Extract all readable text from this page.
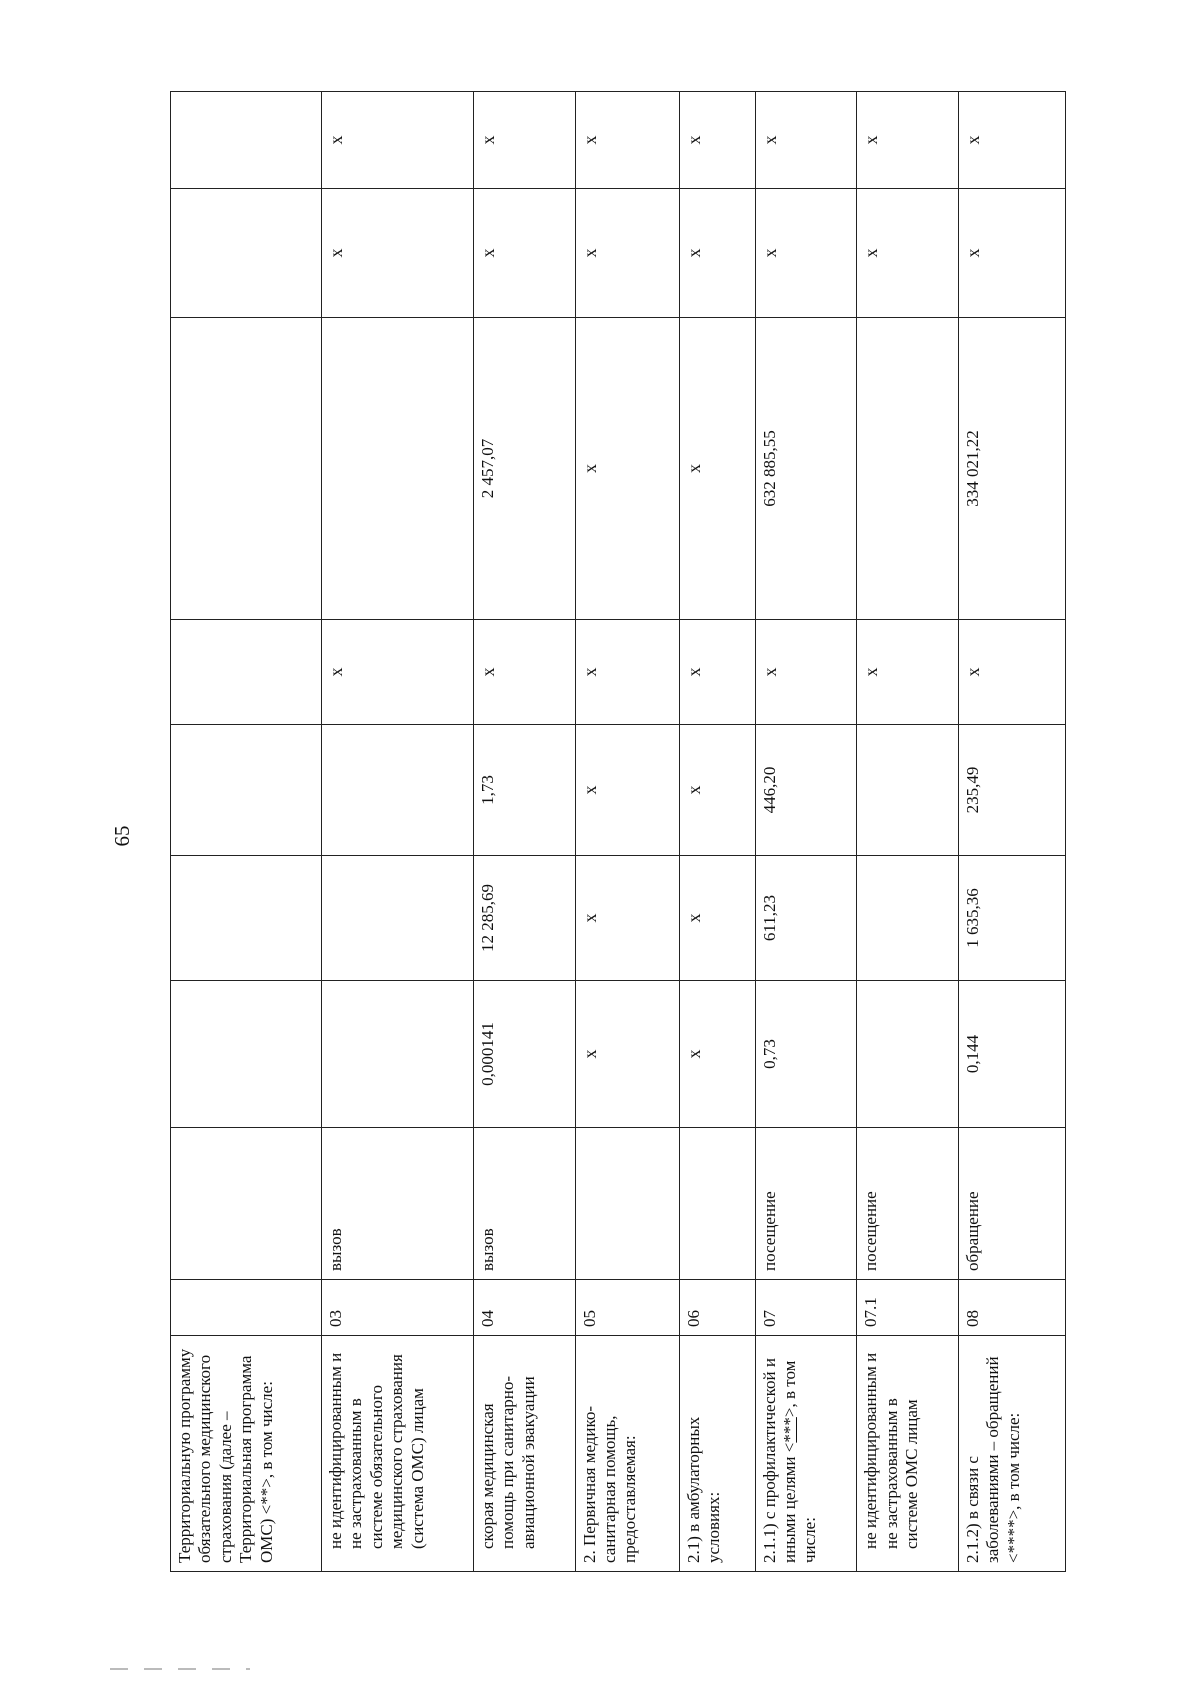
65
Территориальную программу обязательного медицинского страхования (далее – Территориальная программа ОМС) <**>, в том числе:									
не идентифицированным и не застрахованным в системе обязательного медицинского страхования (система ОМС) лицам	03	вызов				x		x	x
скорая медицинская помощь при санитарно-авиационной эвакуации	04	вызов	0,000141	12 285,69	1,73	x	2 457,07	x	x
2. Первичная медико-санитарная помощь, предоставляемая:	05		x	x	x	x	x	x	x
2.1) в амбулаторных условиях:	06		x	x	x	x	x	x	x
2.1.1) с профилактической и иными целями <***>, в том числе:	07	посещение	0,73	611,23	446,20	x	632 885,55	x	x
не идентифицированным и не застрахованным в системе ОМС лицам	07.1	посещение				x		x	x
2.1.2) в связи с заболеваниями – обращений <****>, в том числе:	08	обращение	0,144	1 635,36	235,49	x	334 021,22	x	x
